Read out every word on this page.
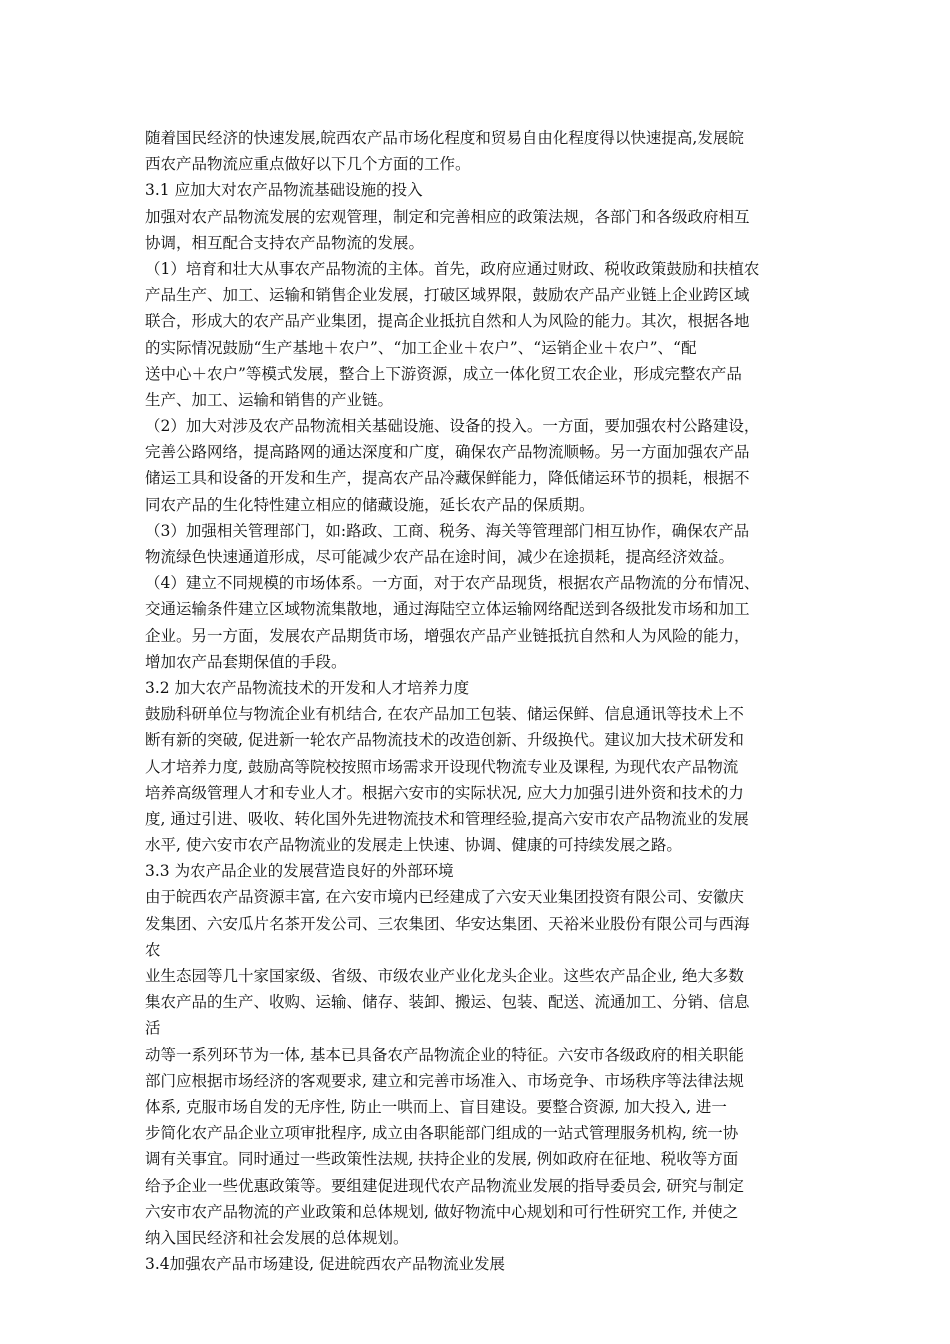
随着国民经济的快速发展,皖西农产品市场化程度和贸易自由化程度得以快速提高,发展皖
西农产品物流应重点做好以下几个方面的工作。
3.1 应加大对农产品物流基础设施的投入
加强对农产品物流发展的宏观管理，制定和完善相应的政策法规，各部门和各级政府相互
协调，相互配合支持农产品物流的发展。
（1）培育和壮大从事农产品物流的主体。首先，政府应通过财政、税收政策鼓励和扶植农
产品生产、加工、运输和销售企业发展，打破区域界限，鼓励农产品产业链上企业跨区域
联合，形成大的农产品产业集团，提高企业抵抗自然和人为风险的能力。其次，根据各地
的实际情况鼓励“生产基地＋农户”、“加工企业＋农户”、“运销企业＋农户”、“配
送中心＋农户”等模式发展，整合上下游资源，成立一体化贸工农企业，形成完整农产品
生产、加工、运输和销售的产业链。
（2）加大对涉及农产品物流相关基础设施、设备的投入。一方面，要加强农村公路建设，
完善公路网络，提高路网的通达深度和广度，确保农产品物流顺畅。另一方面加强农产品
储运工具和设备的开发和生产，提高农产品冷藏保鲜能力，降低储运环节的损耗，根据不
同农产品的生化特性建立相应的储藏设施，延长农产品的保质期。
（3）加强相关管理部门，如:路政、工商、税务、海关等管理部门相互协作，确保农产品
物流绿色快速通道形成，尽可能减少农产品在途时间，减少在途损耗，提高经济效益。
（4）建立不同规模的市场体系。一方面，对于农产品现货，根据农产品物流的分布情况、
交通运输条件建立区域物流集散地，通过海陆空立体运输网络配送到各级批发市场和加工
企业。另一方面，发展农产品期货市场，增强农产品产业链抵抗自然和人为风险的能力，
增加农产品套期保值的手段。
3.2 加大农产品物流技术的开发和人才培养力度
鼓励科研单位与物流企业有机结合, 在农产品加工包装、储运保鲜、信息通讯等技术上不
断有新的突破, 促进新一轮农产品物流技术的改造创新、升级换代。建议加大技术研发和
人才培养力度, 鼓励高等院校按照市场需求开设现代物流专业及课程, 为现代农产品物流
培养高级管理人才和专业人才。根据六安市的实际状况, 应大力加强引进外资和技术的力
度, 通过引进、吸收、转化国外先进物流技术和管理经验,提高六安市农产品物流业的发展
水平, 使六安市农产品物流业的发展走上快速、协调、健康的可持续发展之路。
3.3 为农产品企业的发展营造良好的外部环境
由于皖西农产品资源丰富, 在六安市境内已经建成了六安天业集团投资有限公司、安徽庆
发集团、六安瓜片名茶开发公司、三农集团、华安达集团、天裕米业股份有限公司与西海
农
业生态园等几十家国家级、省级、市级农业产业化龙头企业。这些农产品企业, 绝大多数
集农产品的生产、收购、运输、储存、装卸、搬运、包装、配送、流通加工、分销、信息
活
动等一系列环节为一体, 基本已具备农产品物流企业的特征。六安市各级政府的相关职能
部门应根据市场经济的客观要求, 建立和完善市场准入、市场竞争、市场秩序等法律法规
体系, 克服市场自发的无序性, 防止一哄而上、盲目建设。要整合资源, 加大投入, 进一
步简化农产品企业立项审批程序, 成立由各职能部门组成的一站式管理服务机构, 统一协
调有关事宜。同时通过一些政策性法规, 扶持企业的发展, 例如政府在征地、税收等方面
给予企业一些优惠政策等。要组建促进现代农产品物流业发展的指导委员会, 研究与制定
六安市农产品物流的产业政策和总体规划, 做好物流中心规划和可行性研究工作, 并使之
纳入国民经济和社会发展的总体规划。
3.4加强农产品市场建设, 促进皖西农产品物流业发展
